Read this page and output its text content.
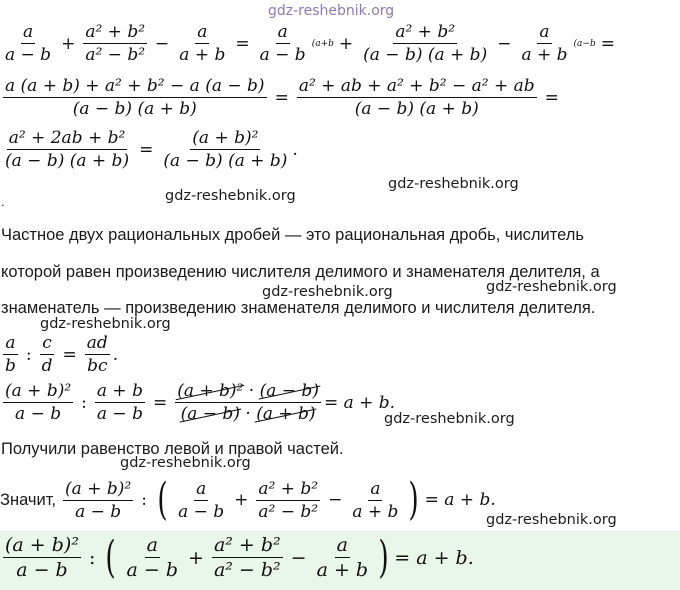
gdz-reshebnik.org
gdz-reshebnik.org
gdz-reshebnik.org
gdz-reshebnik.org	gdz-reshebnik.org
gdz-reshebnik.org
gdz-reshebnik.org
gdz-reshebnik.org
gdz-reshebnik.org
$\frac{a}{a - b} + \frac{\text{a² + b²}}{\text{a² − b²}} - \frac{a}{a + b} = \frac{a}{a - b} (a+b + \frac{\text{a² + b²}}{(a - b) (a + b)} - \frac{a}{a + b} (a-b$ =
$\frac{\text{a (a + b) + a² + b² − a (a − b)}}{(a - b) (a + b)} = \frac{\text{a² + ab + a² + b² − a² + ab}}{(a - b) (a + b)}$ =
$\frac{\text{a² + 2ab + b²}}{(a - b) (a + b)} = \frac{\text{(a + b)²}}{(a - b) (a + b)}$ .
.
Частное двух рациональных дробей — это рациональная дробь, числитель
которой равен произведению числителя делимого и знаменателя делителя, а
знаменатель — произведению знаменателя делимого и числителя делителя.
$\frac{a}{b}$ : $\frac{c}{d} = \frac{ad}{bc}$ .
$\frac{\text{(a + b)²}}{a - b}$ : $\frac{a + b}{a - b} = \frac{\text{(a + b)² · (a − b)}}{(a - b) \cdot (a + b)} = a + b$.
Получили равенство левой и правой частей.
Значит, $\frac{\text{(a + b)²}}{a - b}$ : ( $\frac{a}{a - b} + \frac{\text{a² + b²}}{\text{a² − b²}} - \frac{a}{a + b}$ ) = a + b.
$\frac{\text{(a + b)²}}{a - b}$ : ( $\frac{a}{a - b} + \frac{\text{a² + b²}}{\text{a² − b²}} - \frac{a}{a + b}$ ) = a + b.
